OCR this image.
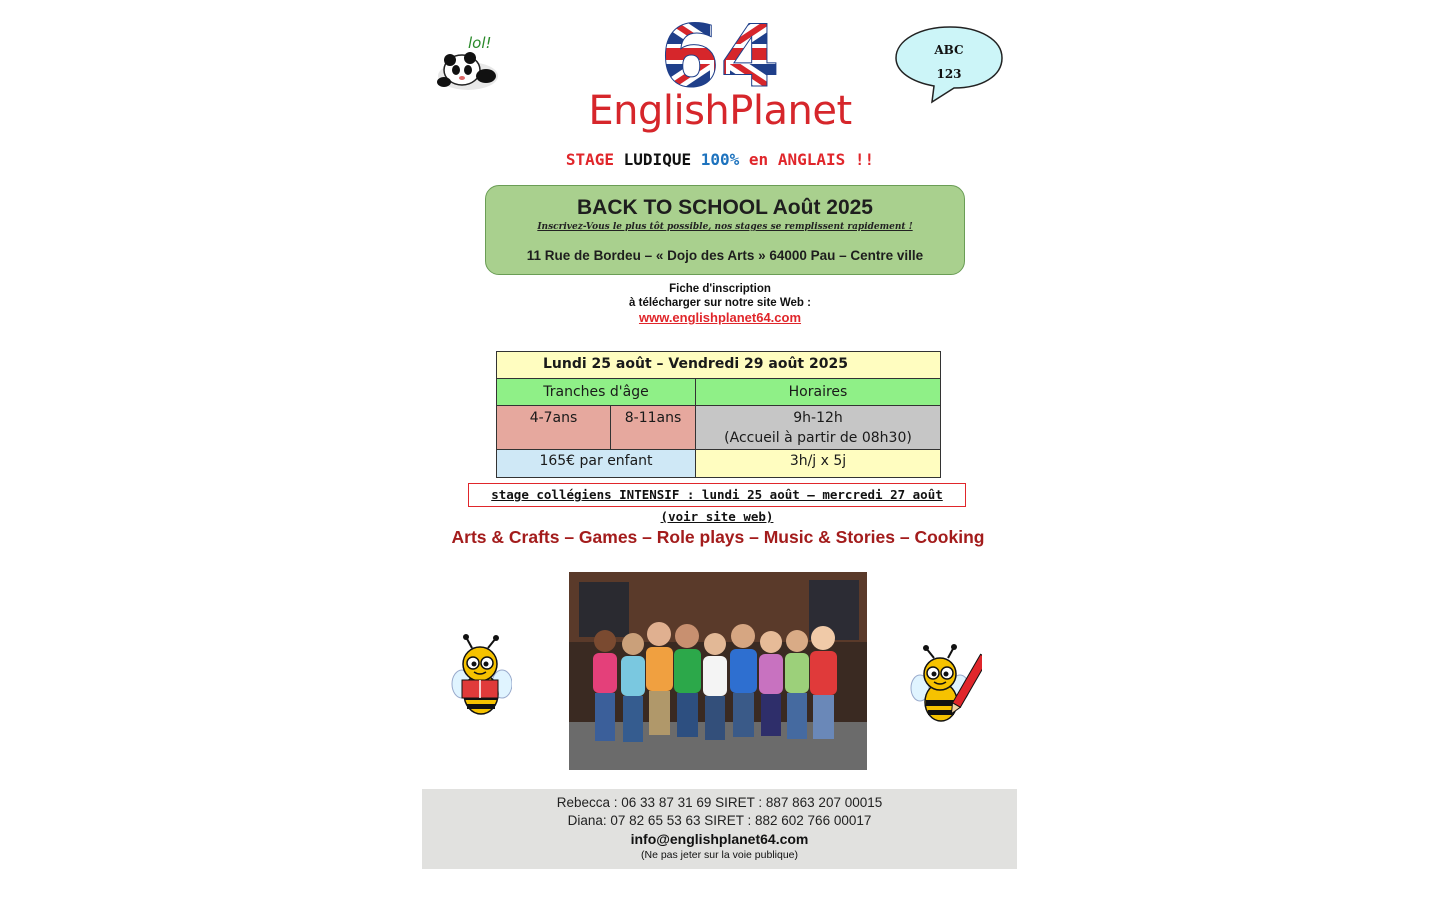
lol! 64
EnglishPlanet
ABC
123
STAGE LUDIQUE 100% en ANGLAIS !!
BACK TO SCHOOL Août 2025
Inscrivez-Vous le plus tôt possible, nos stages se remplissent rapidement !
11 Rue de Bordeu – « Dojo des Arts » 64000 Pau – Centre ville
Fiche d'inscription
à télécharger sur notre site Web :
www.englishplanet64.com
Lundi 25 août – Vendredi 29 août 2025		
Tranches d'âge		Horaires
4-7ans	8-11ans	9h-12h
(Accueil à partir de 08h30)

165€ par enfant		3h/j x 5j
stage collégiens INTENSIF : lundi 25 août – mercredi 27 août (voir site web)
Arts & Crafts – Games – Role plays – Music & Stories – Cooking
Rebecca : 06 33 87 31 69 SIRET : 887 863 207 00015
Diana: 07 82 65 53 63 SIRET : 882 602 766 00017
info@englishplanet64.com
(Ne pas jeter sur la voie publique)
